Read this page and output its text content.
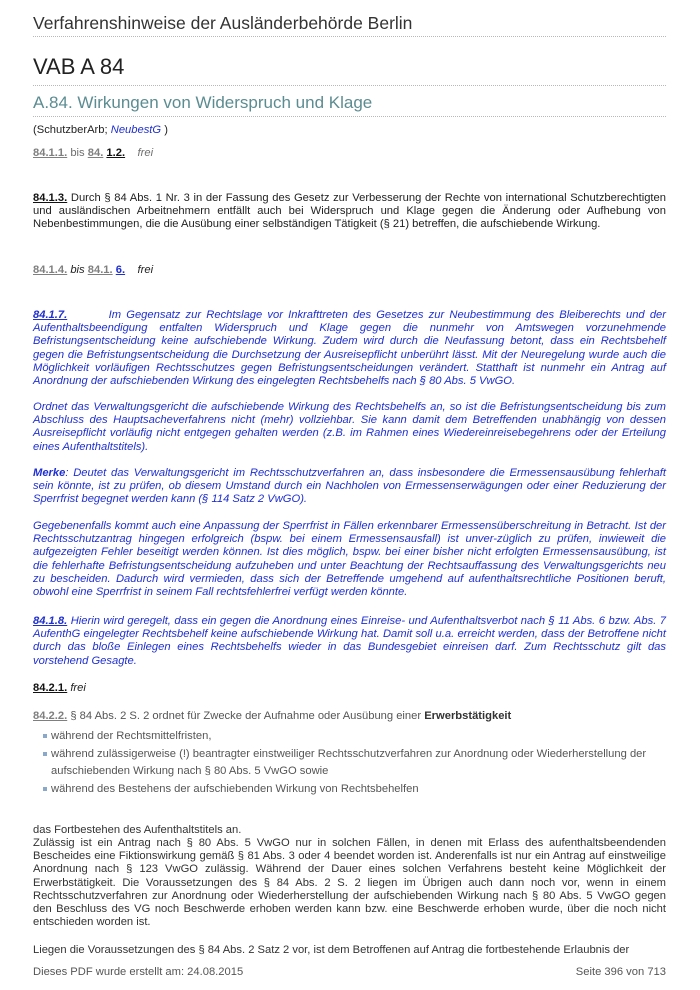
Verfahrenshinweise der Ausländerbehörde Berlin
VAB A 84
A.84. Wirkungen von Widerspruch und Klage
(SchutzberArb; NeubestG )
84.1.1. bis 84. 1.2. frei
84.1.3. Durch § 84 Abs. 1 Nr. 3 in der Fassung des Gesetz zur Verbesserung der Rechte von international Schutzberechtigten und ausländischen Arbeitnehmern entfällt auch bei Widerspruch und Klage gegen die Änderung oder Aufhebung von Nebenbestimmungen, die die Ausübung einer selbständigen Tätigkeit (§ 21) betreffen, die aufschiebende Wirkung.
84.1.4. bis 84.1. 6. frei
84.1.7.	Im Gegensatz zur Rechtslage vor Inkrafttreten des Gesetzes zur Neubestimmung des Bleiberechts und der Aufenthaltsbeendigung entfalten Widerspruch und Klage gegen die nunmehr von Amtswegen vorzunehmende Befristungsentscheidung keine aufschiebende Wirkung. Zudem wird durch die Neufassung betont, dass ein Rechtsbehelf gegen die Befristungsentscheidung die Durchsetzung der Ausreisepflicht unberührt lässt. Mit der Neuregelung wurde auch die Möglichkeit vorläufigen Rechtsschutzes gegen Befristungsentscheidungen verändert. Statthaft ist nunmehr ein Antrag auf Anordnung der aufschiebenden Wirkung des eingelegten Rechtsbehelfs nach § 80 Abs. 5 VwGO.
Ordnet das Verwaltungsgericht die aufschiebende Wirkung des Rechtsbehelfs an, so ist die Befristungsentscheidung bis zum Abschluss des Hauptsacheverfahrens nicht (mehr) vollziehbar. Sie kann damit dem Betreffenden unabhängig von dessen Ausreisepflicht vorläufig nicht entgegen gehalten werden (z.B. im Rahmen eines Wiedereinreisebegehrens oder der Erteilung eines Aufenthaltstitels).
Merke: Deutet das Verwaltungsgericht im Rechtsschutzverfahren an, dass insbesondere die Ermessensausübung fehlerhaft sein könnte, ist zu prüfen, ob diesem Umstand durch ein Nachholen von Ermessenserwägungen oder einer Reduzierung der Sperrfrist begegnet werden kann (§ 114 Satz 2 VwGO).
Gegebenenfalls kommt auch eine Anpassung der Sperrfrist in Fällen erkennbarer Ermessensüberschreitung in Betracht. Ist der Rechtsschutzantrag hingegen erfolgreich (bspw. bei einem Ermessensausfall) ist unver-züglich zu prüfen, inwieweit die aufgezeigten Fehler beseitigt werden können. Ist dies möglich, bspw. bei einer bisher nicht erfolgten Ermessensausübung, ist die fehlerhafte Befristungsentscheidung aufzuheben und unter Beachtung der Rechtsauffassung des Verwaltungsgerichts neu zu bescheiden. Dadurch wird vermieden, dass sich der Betreffende umgehend auf aufenthaltsrechtliche Positionen beruft, obwohl eine Sperrfrist in seinem Fall rechtsfehlerfrei verfügt werden könnte.
84.1.8. Hierin wird geregelt, dass ein gegen die Anordnung eines Einreise- und Aufenthaltsverbot nach § 11 Abs. 6 bzw. Abs. 7 AufenthG eingelegter Rechtsbehelf keine aufschiebende Wirkung hat. Damit soll u.a. erreicht werden, dass der Betroffene nicht durch das bloße Einlegen eines Rechtsbehelfs wieder in das Bundesgebiet einreisen darf. Zum Rechtsschutz gilt das vorstehend Gesagte.
84.2.1. frei
84.2.2. § 84 Abs. 2 S. 2 ordnet für Zwecke der Aufnahme oder Ausübung einer Erwerbstätigkeit
während der Rechtsmittelfristen,
während zulässigerweise (!) beantragter einstweiliger Rechtsschutzverfahren zur Anordnung oder Wiederherstellung der aufschiebenden Wirkung nach § 80 Abs. 5 VwGO sowie
während des Bestehens der aufschiebenden Wirkung von Rechtsbehelfen
das Fortbestehen des Aufenthaltstitels an.
Zulässig ist ein Antrag nach § 80 Abs. 5 VwGO nur in solchen Fällen, in denen mit Erlass des aufenthaltsbeendenden Bescheides eine Fiktionswirkung gemäß § 81 Abs. 3 oder 4 beendet worden ist. Anderenfalls ist nur ein Antrag auf einstweilige Anordnung nach § 123 VwGO zulässig. Während der Dauer eines solchen Verfahrens besteht keine Möglichkeit der Erwerbstätigkeit. Die Voraussetzungen des § 84 Abs. 2 S. 2 liegen im Übrigen auch dann noch vor, wenn in einem Rechtsschutzverfahren zur Anordnung oder Wiederherstellung der aufschiebenden Wirkung nach § 80 Abs. 5 VwGO gegen den Beschluss des VG noch Beschwerde erhoben werden kann bzw. eine Beschwerde erhoben wurde, über die noch nicht entschieden worden ist.
Liegen die Voraussetzungen des § 84 Abs. 2 Satz 2 vor, ist dem Betroffenen auf Antrag die fortbestehende Erlaubnis der
Dieses PDF wurde erstellt am: 24.08.2015	Seite 396 von 713
